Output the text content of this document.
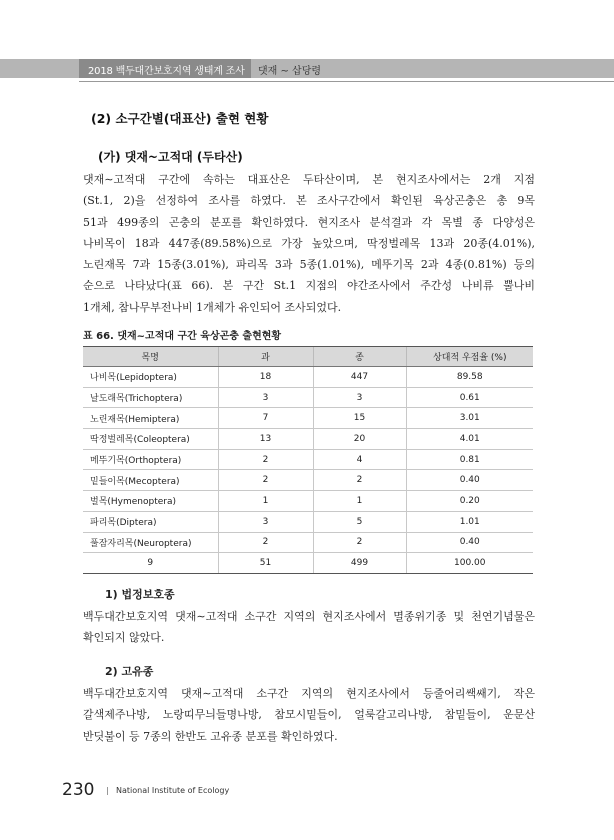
2018 백두대간보호지역 생태계 조사 댓재 ~ 삽당령
(2) 소구간별(대표산) 출현 현황
(가) 댓재~고적대 (두타산)
댓재∼고적대 구간에 속하는 대표산은 두타산이며, 본 현지조사에서는 2개 지점
(St.1, 2)을 선정하여 조사를 하였다. 본 조사구간에서 확인된 육상곤충은 총 9목
51과 499종의 곤충의 분포를 확인하였다. 현지조사 분석결과 각 목별 종 다양성은
나비목이 18과 447종(89.58%)으로 가장 높았으며, 딱정벌레목 13과 20종(4.01%),
노린재목 7과 15종(3.01%), 파리목 3과 5종(1.01%), 메뚜기목 2과 4종(0.81%) 등의
순으로 나타났다(표 66). 본 구간 St.1 지점의 야간조사에서 주간성 나비류 뿔나비
1개체, 참나무부전나비 1개체가 유인되어 조사되었다.
표 66. 댓재~고적대 구간 육상곤충 출현현황
목명	과	종	상대적 우점율 (%)
나비목(Lepidoptera)	18	447	89.58
날도래목(Trichoptera)	3	3	0.61
노린재목(Hemiptera)	7	15	3.01
딱정벌레목(Coleoptera)	13	20	4.01
메뚜기목(Orthoptera)	2	4	0.81
밑들이목(Mecoptera)	2	2	0.40
벌목(Hymenoptera)	1	1	0.20
파리목(Diptera)	3	5	1.01
풀잠자리목(Neuroptera)	2	2	0.40
9	51	499	100.00
1) 법정보호종
백두대간보호지역 댓재∼고적대 소구간 지역의 현지조사에서 멸종위기종 및 천연기념물은
확인되지 않았다.
2) 고유종
백두대간보호지역 댓재∼고적대 소구간 지역의 현지조사에서 등줄어리쌕쌔기, 작은
갈색제주나방, 노랑띠무늬들명나방, 참모시밑들이, 얼룩갈고리나방, 참밑들이, 운문산
반딧불이 등 7종의 한반도 고유종 분포를 확인하였다.
230 | National Institute of Ecology
